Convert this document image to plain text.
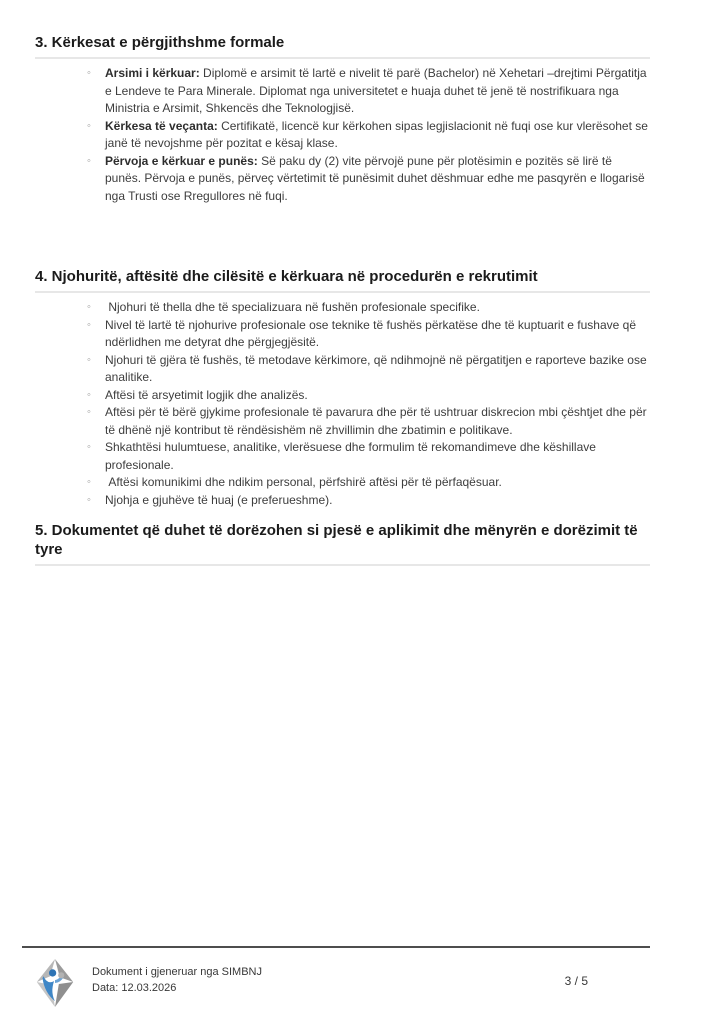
3. Kërkesat e përgjithshme formale
◦	Arsimi i kërkuar: Diplomë e arsimit të lartë e nivelit të parë (Bachelor) në Xehetari –drejtimi Përgatitja e Lendeve te Para Minerale. Diplomat nga universitetet e huaja duhet të jenë të nostrifikuara nga Ministria e Arsimit, Shkencës dhe Teknologjisë.
◦	Kërkesa të veçanta: Certifikatë, licencë kur kërkohen sipas legjislacionit në fuqi ose kur vlerësohet se janë të nevojshme për pozitat e kësaj klase.
◦	Përvoja e kërkuar e punës: Së paku dy (2) vite përvojë pune për plotësimin e pozitës së lirë të punës. Përvoja e punës, përveç vërtetimit të punësimit duhet dëshmuar edhe me pasqyrën e llogarisë nga Trusti ose Rregullores në fuqi.
4. Njohuritë, aftësitë dhe cilësitë e kërkuara në procedurën e rekrutimit
◦	Njohuri të thella dhe të specializuara në fushën profesionale specifike.
◦	Nivel të lartë të njohurive profesionale ose teknike të fushës përkatëse dhe të kuptuarit e fushave që ndërlidhen me detyrat dhe përgjegjësitë.
◦	Njohuri të gjëra të fushës, të metodave kërkimore, që ndihmojnë në përgatitjen e raporteve bazike ose analitike.
◦	Aftësi të arsyetimit logjik dhe analizës.
◦	Aftësi për të bërë gjykime profesionale të pavarura dhe për të ushtruar diskrecion mbi çështjet dhe për të dhënë një kontribut të rëndësishëm në zhvillimin dhe zbatimin e politikave.
◦	Shkathtësi hulumtuese, analitike, vlerësuese dhe formulim të rekomandimeve dhe këshillave profesionale.
◦	Aftësi komunikimi dhe ndikim personal, përfshirë aftësi për të përfaqësuar.
◦	Njohja e gjuhëve të huaj (e preferueshme).
5. Dokumentet që duhet të dorëzohen si pjesë e aplikimit dhe mënyrën e dorëzimit të tyre
Dokument i gjeneruar nga SIMBNJ
Data: 12.03.2026	3 / 5
